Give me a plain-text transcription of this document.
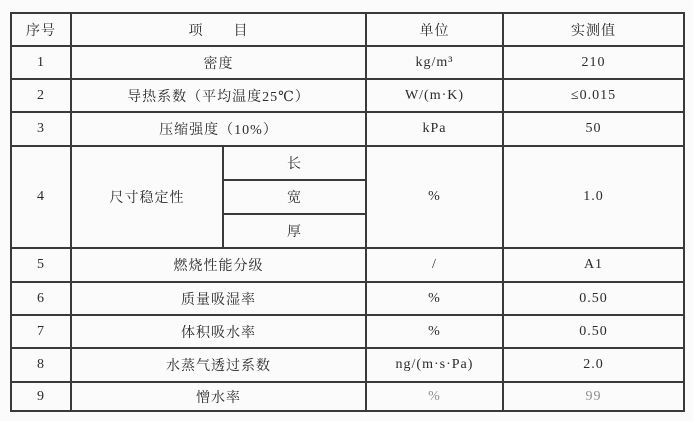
序号	项　　目		单位	实测值
1	密度		kg/m³	210
2	导热系数（平均温度25℃）		W/(m·K)	≤0.015
3	压缩强度（10%）		kPa	50
4	尺寸稳定性	长	%	1.0
		宽		
		厚		
5	燃烧性能分级		/	A1
6	质量吸湿率		%	0.50
7	体积吸水率		%	0.50
8	水蒸气透过系数		ng/(m·s·Pa)	2.0
9	憎水率		%	99
